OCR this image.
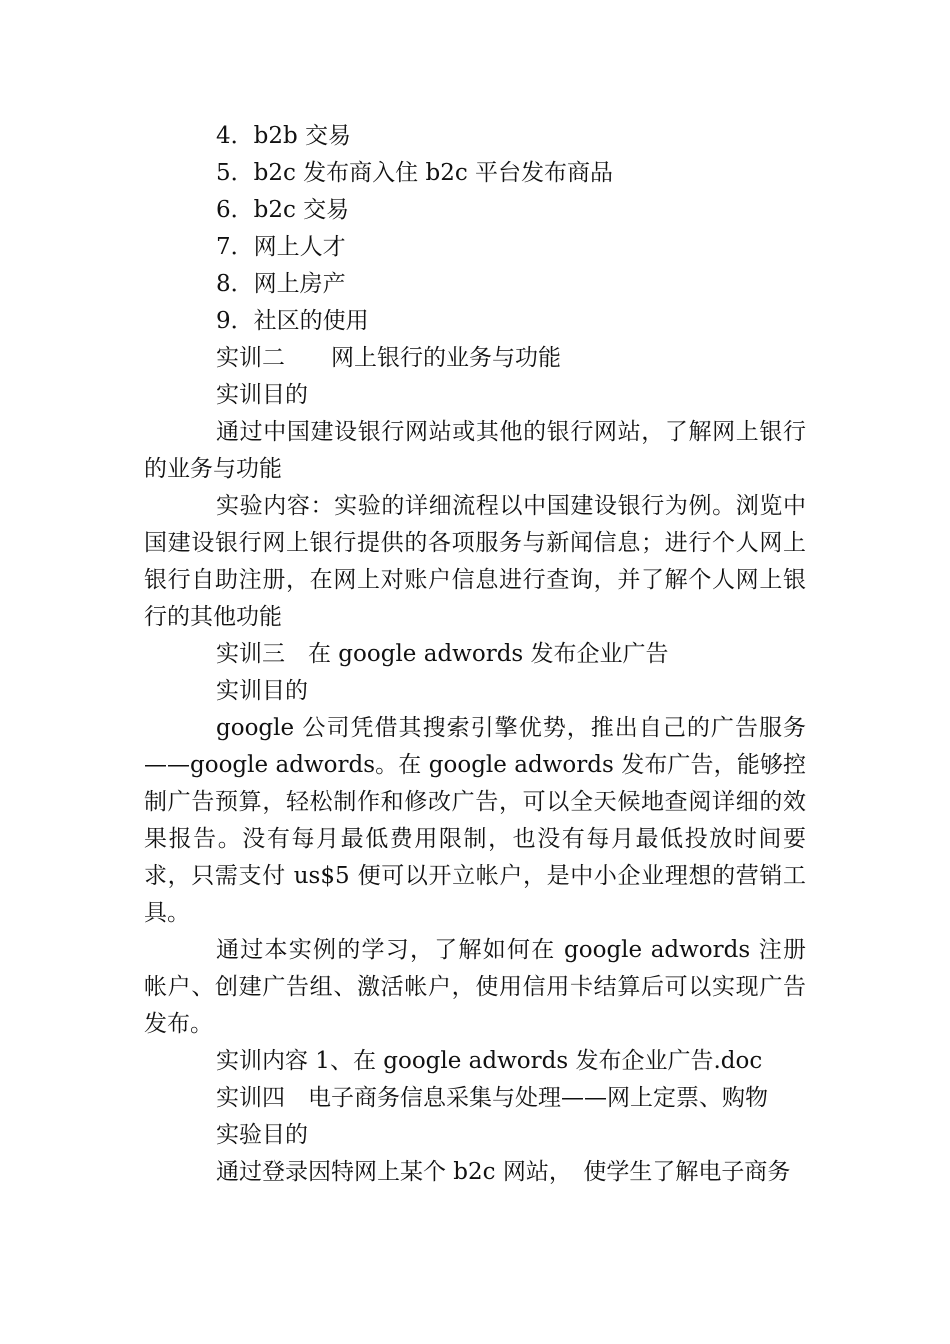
4．b2b 交易

5．b2c 发布商入住 b2c 平台发布商品

6．b2c 交易

7．网上人才

8．网上房产

9．社区的使用

实训二　　网上银行的业务与功能

实训目的

通过中国建设银行网站或其他的银行网站，了解网上银行的业务与功能

实验内容：实验的详细流程以中国建设银行为例。浏览中国建设银行网上银行提供的各项服务与新闻信息；进行个人网上银行自助注册，在网上对账户信息进行查询，并了解个人网上银行的其他功能

实训三　在 google adwords 发布企业广告

实训目的

google 公司凭借其搜索引擎优势，推出自己的广告服务——google adwords。在 google adwords 发布广告，能够控制广告预算，轻松制作和修改广告，可以全天候地查阅详细的效果报告。没有每月最低费用限制，也没有每月最低投放时间要求，只需支付 us$5 便可以开立帐户，是中小企业理想的营销工具。

通过本实例的学习，了解如何在 google adwords 注册帐户、创建广告组、激活帐户，使用信用卡结算后可以实现广告发布。

实训内容 1、在 google adwords 发布企业广告.doc

实训四　电子商务信息采集与处理——网上定票、购物

实验目的

通过登录因特网上某个 b2c 网站，　使学生了解电子商务
